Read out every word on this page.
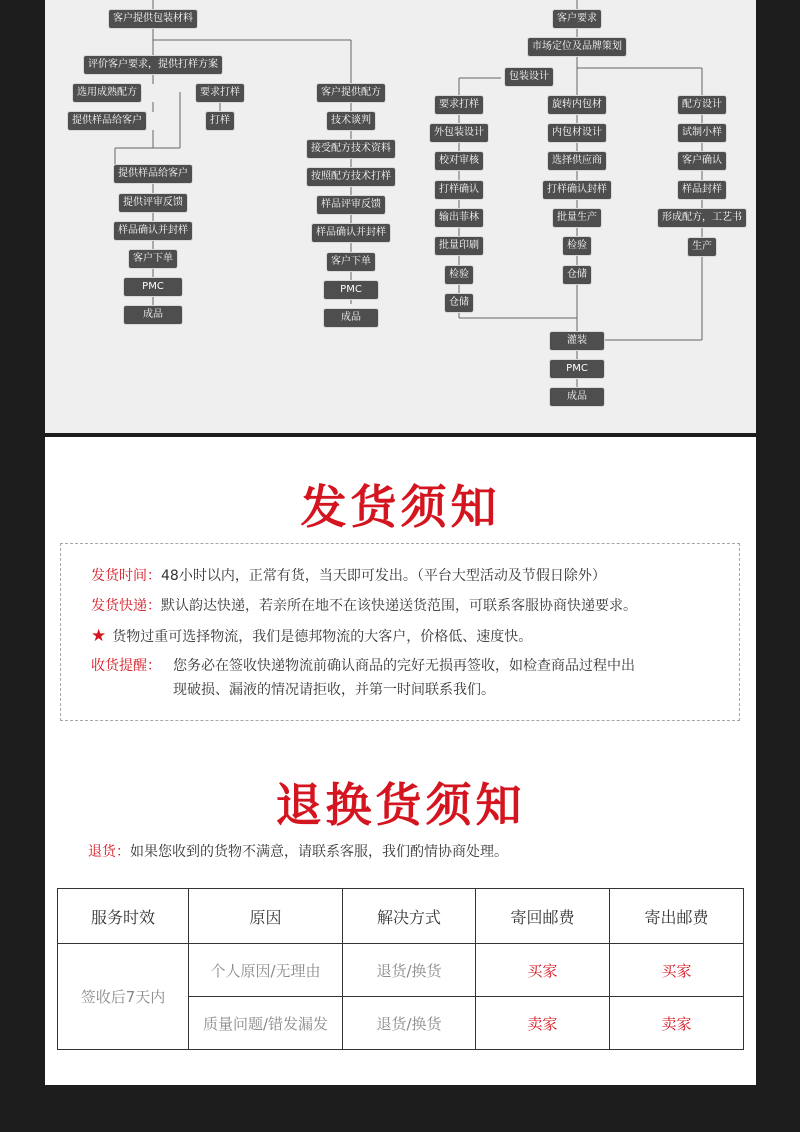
客户提供包装材料
评价客户要求，提供打样方案
选用成熟配方	要求打样
提供样品给客户	打样
提供样品给客户
提供评审反馈
样品确认并封样
客户下单
PMC
成品
客户提供配方
技术谈判
接受配方技术资料
按照配方技术打样
样品评审反馈
样品确认并封样
客户下单
PMC
成品
客户要求
市场定位及品牌策划
包装设计
要求打样
外包装设计
校对审核
打样确认
输出菲林
批量印刷
检验
仓储
旋转内包材
内包材设计
选择供应商
打样确认封样
批量生产
检验
仓储
配方设计
试制小样
客户确认
样品封样
形成配方，工艺书
生产
灌装
PMC
成品
发货须知
发货时间：48小时以内，正常有货，当天即可发出。（平台大型活动及节假日除外）
发货快递：默认韵达快递，若亲所在地不在该快递送货范围，可联系客服协商快递要求。
★ 货物过重可选择物流，我们是德邦物流的大客户，价格低、速度快。
收货提醒： 您务必在签收快递物流前确认商品的完好无损再签收，如检查商品过程中出
现破损、漏液的情况请拒收，并第一时间联系我们。
退换货须知
退货：如果您收到的货物不满意，请联系客服，我们酌情协商处理。
服务时效	原因	解决方式	寄回邮费	寄出邮费
签收后7天内	个人原因/无理由	退货/换货	买家	买家
	质量问题/错发漏发	退货/换货	卖家	卖家
